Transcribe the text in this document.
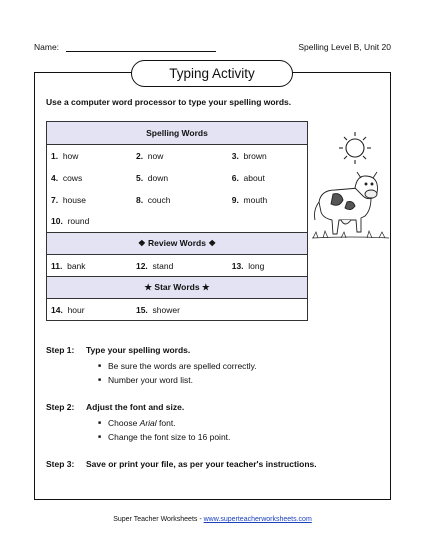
Name:	Spelling Level B, Unit 20
Typing Activity
Use a computer word processor to type your spelling words.
Spelling Words		
1. how	2. now	3. brown
4. cows	5. down	6. about
7. house	8. couch	9. mouth
10. round		
❖ Review Words ❖		
11. bank	12. stand	13. long
★ Star Words ★		
14. hour	15. shower	
Step 1:	Type your spelling words.
■ Be sure the words are spelled correctly.
■ Number your word list.
Step 2:	Adjust the font and size.
■ Choose Arial font.
■ Change the font size to 16 point.
Step 3:	Save or print your file, as per your teacher's instructions.
Super Teacher Worksheets - www.superteacherworksheets.com
